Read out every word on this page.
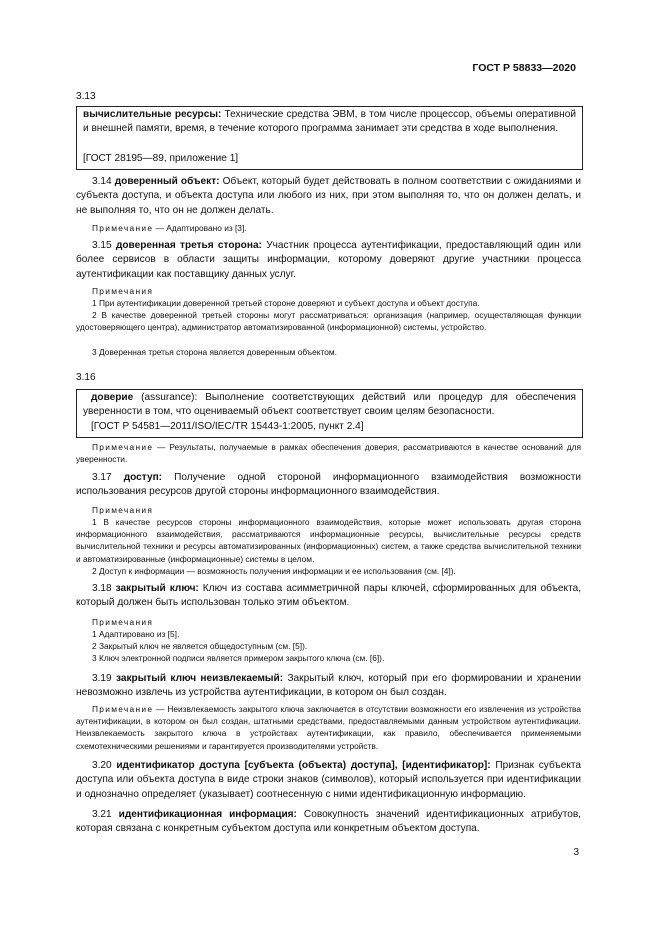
ГОСТ Р 58833—2020
3.13
вычислительные ресурсы: Технические средства ЭВМ, в том числе процессор, объемы оперативной и внешней памяти, время, в течение которого программа занимает эти средства в ходе выполнения.
[ГОСТ 28195—89, приложение 1]
3.14 доверенный объект: Объект, который будет действовать в полном соответствии с ожиданиями и субъекта доступа, и объекта доступа или любого из них, при этом выполняя то, что он должен делать, и не выполняя то, что он не должен делать.
Примечание — Адаптировано из [3].
3.15 доверенная третья сторона: Участник процесса аутентификации, предоставляющий один или более сервисов в области защиты информации, которому доверяют другие участники процесса аутентификации как поставщику данных услуг.
Примечания
1 При аутентификации доверенной третьей стороне доверяют и субъект доступа и объект доступа.
2 В качестве доверенной третьей стороны могут рассматриваться: организация (например, осуществляющая функции удостоверяющего центра), администратор автоматизированной (информационной) системы, устройство.
3 Доверенная третья сторона является доверенным объектом.
3.16
доверие (assurance): Выполнение соответствующих действий или процедур для обеспечения уверенности в том, что оцениваемый объект соответствует своим целям безопасности.
[ГОСТ Р 54581—2011/ISO/IEC/TR 15443-1:2005, пункт 2.4]
Примечание — Результаты, получаемые в рамках обеспечения доверия, рассматриваются в качестве оснований для уверенности.
3.17 доступ: Получение одной стороной информационного взаимодействия возможности использования ресурсов другой стороны информационного взаимодействия.
Примечания
1 В качестве ресурсов стороны информационного взаимодействия, которые может использовать другая сторона информационного взаимодействия, рассматриваются информационные ресурсы, вычислительные ресурсы средств вычислительной техники и ресурсы автоматизированных (информационных) систем, а также средства вычислительной техники и автоматизированные (информационные) системы в целом.
2 Доступ к информации — возможность получения информации и ее использования (см. [4]).
3.18 закрытый ключ: Ключ из состава асимметричной пары ключей, сформированных для объекта, который должен быть использован только этим объектом.
Примечания
1 Адаптировано из [5].
2 Закрытый ключ не является общедоступным (см. [5]).
3 Ключ электронной подписи является примером закрытого ключа (см. [6]).
3.19 закрытый ключ неизвлекаемый: Закрытый ключ, который при его формировании и хранении невозможно извлечь из устройства аутентификации, в котором он был создан.
Примечание — Неизвлекаемость закрытого ключа заключается в отсутствии возможности его извлечения из устройства аутентификации, в котором он был создан, штатными средствами, предоставляемыми данным устройством аутентификации. Неизвлекаемость закрытого ключа в устройствах аутентификации, как правило, обеспечивается применяемыми схемотехническими решениями и гарантируется производителями устройств.
3.20 идентификатор доступа [субъекта (объекта) доступа], [идентификатор]: Признак субъекта доступа или объекта доступа в виде строки знаков (символов), который используется при идентификации и однозначно определяет (указывает) соотнесенную с ними идентификационную информацию.
3.21 идентификационная информация: Совокупность значений идентификационных атрибутов, которая связана с конкретным субъектом доступа или конкретным объектом доступа.
3
